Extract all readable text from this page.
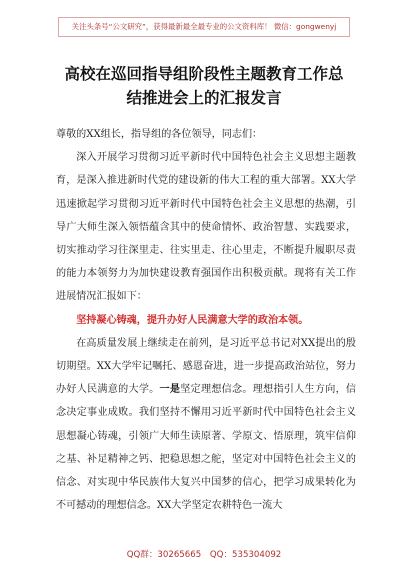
关注头条号“公文研究”，获得最新最全最专业的公文资料库！ 微信：gongwenyj
高校在巡回指导组阶段性主题教育工作总
结推进会上的汇报发言

尊敬的XX组长，指导组的各位领导，同志们：

深入开展学习贯彻习近平新时代中国特色社会主义思想主题教育，是深入推进新时代党的建设新的伟大工程的重大部署。XX大学迅速掀起学习贯彻习近平新时代中国特色社会主义思想的热潮，引导广大师生深入领悟蕴含其中的使命情怀、政治智慧、实践要求，切实推动学习往深里走、往实里走、往心里走，不断提升履职尽责的能力本领努力为加快建设教育强国作出积极贡献。现将有关工作进展情况汇报如下：

坚持凝心铸魂，提升办好人民满意大学的政治本领。

在高质量发展上继续走在前列，是习近平总书记对XX提出的殷切期望。XX大学牢记嘱托、感恩奋进，进一步提高政治站位，努力办好人民满意的大学。一是坚定理想信念。理想指引人生方向，信念决定事业成败。我们坚持不懈用习近平新时代中国特色社会主义思想凝心铸魂，引领广大师生读原著、学原文、悟原理，筑牢信仰之基、补足精神之钙、把稳思想之舵，坚定对中国特色社会主义的信念、对实现中华民族伟大复兴中国梦的信心，把学习成果转化为不可撼动的理想信念。XX大学坚定农耕特色一流大

QQ群：30265665 QQ：535304092
